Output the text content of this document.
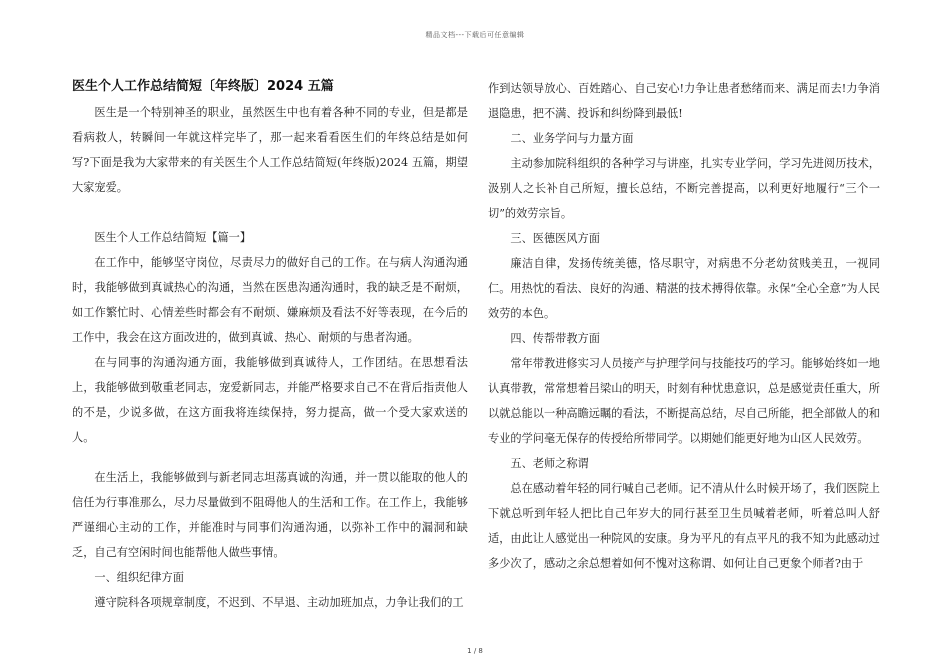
精品文档---下载后可任意编辑
医生个人工作总结简短〔年终版〕2024 五篇

医生是一个特别神圣的职业，虽然医生中也有着各种不同的专业，但是都是看病救人，转瞬间一年就这样完毕了，那一起来看看医生们的年终总结是如何写?下面是我为大家带来的有关医生个人工作总结简短(年终版)2024 五篇，期望大家宠爱。

医生个人工作总结简短【篇一】

在工作中，能够坚守岗位，尽责尽力的做好自己的工作。在与病人沟通沟通时，我能够做到真诚热心的沟通，当然在医患沟通沟通时，我的缺乏是不耐烦，如工作繁忙时、心情差些时都会有不耐烦、嫌麻烦及看法不好等表现，在今后的工作中，我会在这方面改进的，做到真诚、热心、耐烦的与患者沟通。

在与同事的沟通沟通方面，我能够做到真诚待人，工作团结。在思想看法上，我能够做到敬重老同志，宠爱新同志，并能严格要求自己不在背后指责他人的不是，少说多做，在这方面我将连续保持，努力提高，做一个受大家欢送的人。

在生活上，我能够做到与新老同志坦荡真诚的沟通，并一贯以能取的他人的信任为行事准那么，尽力尽量做到不阻碍他人的生活和工作。在工作上，我能够严谨细心主动的工作，并能准时与同事们沟通沟通，以弥补工作中的漏洞和缺乏，自己有空闲时间也能帮他人做些事情。

一、组织纪律方面

遵守院科各项规章制度，不迟到、不早退、主动加班加点，力争让我们的工

作到达领导放心、百姓踏心、自己安心!力争让患者愁绪而来、满足而去!力争消退隐患，把不满、投诉和纠纷降到最低!

二、业务学问与力量方面

主动参加院科组织的各种学习与讲座，扎实专业学问，学习先进阅历技术，汲别人之长补自己所短，擅长总结，不断完善提高，以利更好地履行“三个一切”的效劳宗旨。

三、医德医风方面

廉洁自律，发扬传统美德，恪尽职守，对病患不分老幼贫贱美丑，一视同仁。用热忱的看法、良好的沟通、精湛的技术搏得依靠。永保“全心全意”为人民效劳的本色。

四、传帮带教方面

常年带教进修实习人员接产与护理学问与技能技巧的学习。能够始终如一地认真带教，常常想着吕梁山的明天，时刻有种忧患意识，总是感觉责任重大，所以就总能以一种高瞻远瞩的看法，不断提高总结，尽自己所能，把全部做人的和专业的学问毫无保存的传授给所带同学。以期她们能更好地为山区人民效劳。

五、老师之称谓

总在感动着年轻的同行喊自己老师。记不清从什么时候开场了，我们医院上下就总听到年轻人把比自己年岁大的同行甚至卫生员喊着老师，听着总叫人舒适，由此让人感觉出一种院风的安康。身为平凡的有点平凡的我不知为此感动过多少次了，感动之余总想着如何不愧对这称谓、如何让自己更象个师者?由于

1 / 8
